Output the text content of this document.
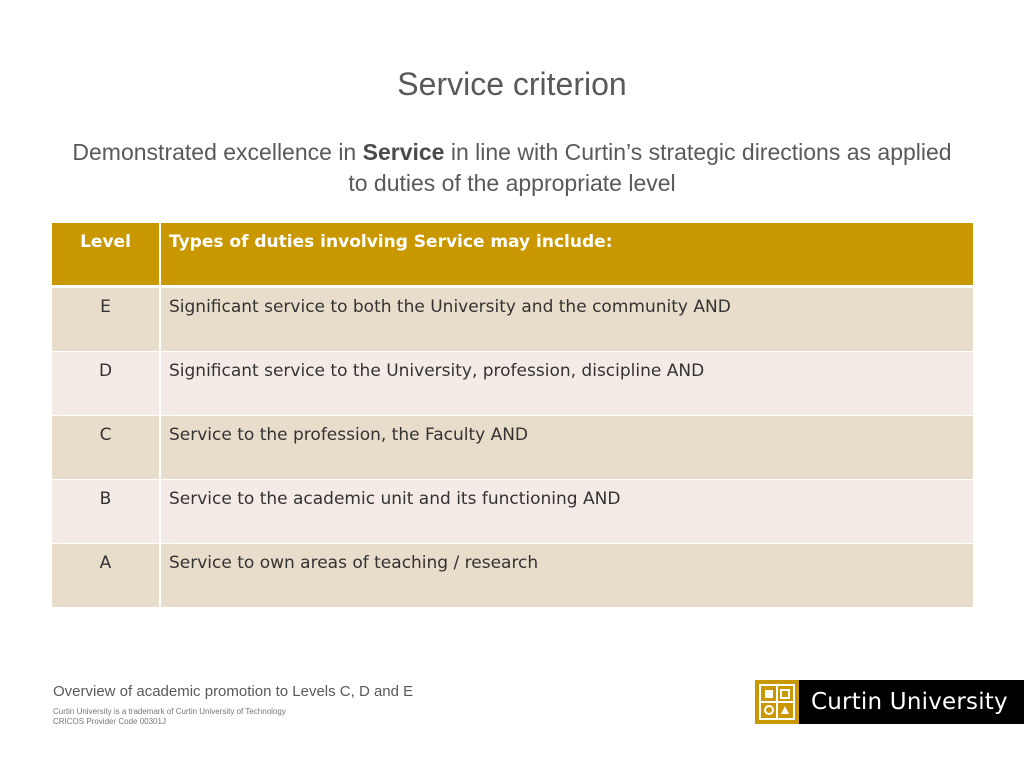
Service criterion
Demonstrated excellence in Service in line with Curtin’s strategic directions as applied to duties of the appropriate level
Level	Types of duties involving Service may include:

E	Significant service to both the University and the community AND

D	Significant service to the University, profession, discipline AND

C	Service to the profession, the Faculty AND

B	Service to the academic unit and its functioning AND

A	Service to own areas of teaching / research
Overview of academic promotion to Levels C, D and E
Curtin University is a trademark of Curtin University of Technology
CRICOS Provider Code 00301J
Curtin University
